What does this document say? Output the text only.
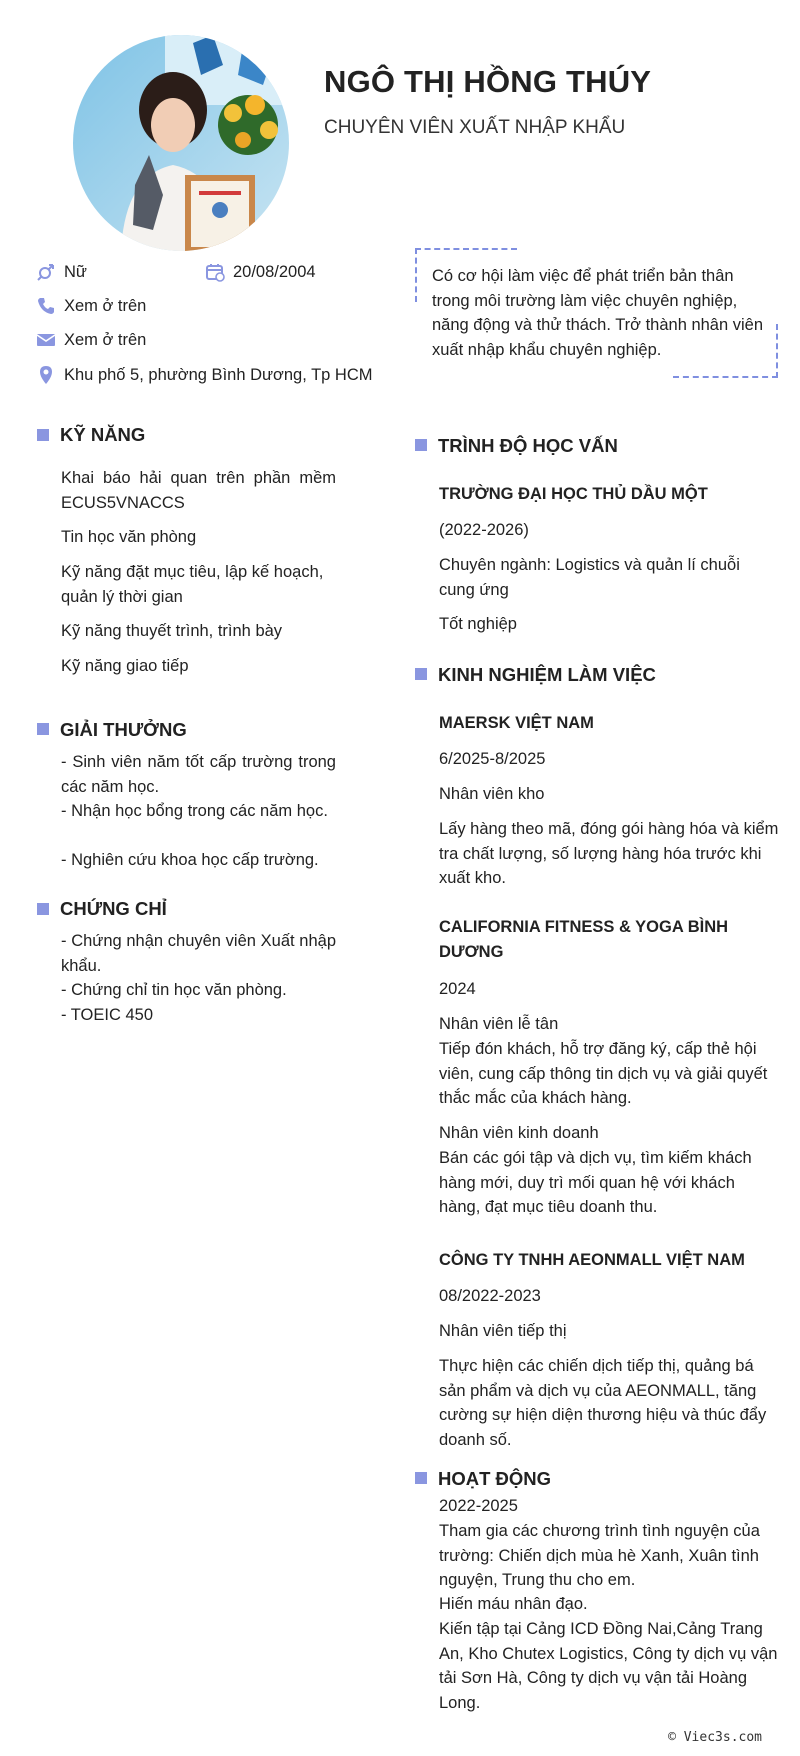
NGÔ THỊ HỒNG THÚY
CHUYÊN VIÊN XUẤT NHẬP KHẨU
Nữ	20/08/2004
Xem ở trên
Xem ở trên
Khu phố 5, phường Bình Dương, Tp HCM
Có cơ hội làm việc để phát triển bản thân trong môi trường làm việc chuyên nghiệp, năng động và thử thách. Trở thành nhân viên xuất nhập khẩu chuyên nghiệp.
KỸ NĂNG
Khai báo hải quan trên phần mềm ECUS5VNACCS
Tin học văn phòng
Kỹ năng đặt mục tiêu, lập kế hoạch, quản lý thời gian
Kỹ năng thuyết trình, trình bày
Kỹ năng giao tiếp
GIẢI THƯỞNG
- Sinh viên năm tốt cấp trường trong các năm học.
- Nhận học bổng trong các năm học.
- Nghiên cứu khoa học cấp trường.
CHỨNG CHỈ
- Chứng nhận chuyên viên Xuất nhập khẩu.
- Chứng chỉ tin học văn phòng.
- TOEIC 450
TRÌNH ĐỘ HỌC VẤN
TRƯỜNG ĐẠI HỌC THỦ DẦU MỘT
(2022-2026)
Chuyên ngành: Logistics và quản lí chuỗi cung ứng
Tốt nghiệp
KINH NGHIỆM LÀM VIỆC
MAERSK VIỆT NAM
6/2025-8/2025
Nhân viên kho
Lấy hàng theo mã, đóng gói hàng hóa và kiểm tra chất lượng, số lượng hàng hóa trước khi xuất kho.
CALIFORNIA FITNESS & YOGA BÌNH DƯƠNG
2024
Nhân viên lễ tân
Tiếp đón khách, hỗ trợ đăng ký, cấp thẻ hội viên, cung cấp thông tin dịch vụ và giải quyết thắc mắc của khách hàng.
Nhân viên kinh doanh
Bán các gói tập và dịch vụ, tìm kiếm khách hàng mới, duy trì mối quan hệ với khách hàng, đạt mục tiêu doanh thu.
CÔNG TY TNHH AEONMALL VIỆT NAM
08/2022-2023
Nhân viên tiếp thị
Thực hiện các chiến dịch tiếp thị, quảng bá sản phẩm và dịch vụ của AEONMALL, tăng cường sự hiện diện thương hiệu và thúc đẩy doanh số.
HOẠT ĐỘNG
2022-2025
Tham gia các chương trình tình nguyện của trường: Chiến dịch mùa hè Xanh, Xuân tình nguyện, Trung thu cho em.
Hiến máu nhân đạo.
Kiến tập tại Cảng ICD Đồng Nai,Cảng Trang An, Kho Chutex Logistics, Công ty dịch vụ vận tải Sơn Hà, Công ty dịch vụ vận tải Hoàng Long.
© Viec3s.com
